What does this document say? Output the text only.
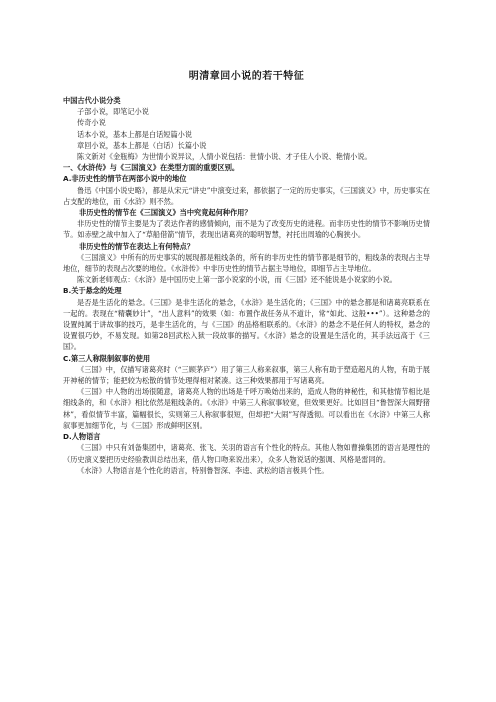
明清章回小说的若干特征

中国古代小说分类

子部小说，即笔记小说

传奇小说

话本小说，基本上都是白话短篇小说

章回小说，基本上都是（白话）长篇小说

陈文新对《金瓶梅》为世情小说异议，人情小说包括：世情小说、才子佳人小说、艳情小说。

一、《水浒传》与《三国演义》在类型方面的重要区别。

A.非历史性的情节在两部小说中的地位

鲁迅《中国小说史略》，都是从宋元“讲史”中演变过来，都依据了一定的历史事实，《三国演义》中，历史事实在占支配的地位，而《水浒》则不然。

非历史性的情节在《三国演义》当中究竟起何种作用？

非历史性的情节主要是为了表达作者的感情倾向，而不是为了改变历史的进程。而非历史性的情节不影响历史情节。如赤壁之战中加入了“草船借箭”情节，表现出诸葛亮的聪明智慧，衬托出周瑜的心胸狭小。

非历史性的情节在表达上有何特点？

《三国演义》中所有的历史事实的展现都是粗线条的，所有的非历史性的情节都是细节的，粗线条的表现占主导地位，细节的表现占次要的地位。《水浒传》中非历史性的情节占据主导地位，即细节占主导地位。

陈文新老师观点：《水浒》是中国历史上第一部小说家的小说，而《三国》还不能说是小说家的小说。

B.关于悬念的处理

是否是生活化的悬念。《三国》是非生活化的悬念，《水浒》是生活化的；《三国》中的悬念都是和诸葛亮联系在一起的。表现在“精囊妙计”，“出人意料”的效果（如：布置作战任务从不道计，常“如此、这般•••”）。这种悬念的设置纯属于讲故事的技巧，是非生活化的，与《三国》的品格相联系的。《水浒》的悬念不是任何人的特权，悬念的设置很巧妙，不易发现。如第28回武松入狱一段故事的描写。《水浒》悬念的设置是生活化的，其手法远高于《三国》。

C.第三人称限制叙事的使用

《三国》中，仅描写诸葛亮时（“三顾茅庐”）用了第三人称来叙事，第三人称有助于塑造超凡的人物，有助于展开神秘的情节；能把较为松散的情节处理得相对紧凑。这三种效果都用于写诸葛亮。

《三国》中人物的出场很随意，诸葛亮人物的出场是千呼万唤始出来的，造成人物的神秘性，和其他情节相比是细线条的，和《水浒》相比依然是粗线条的。《水浒》中第三人称叙事较宽，但效果更好。比如回目“鲁智深大闹野猪林”，看似情节丰富，篇幅很长，实则第三人称叙事很短，但却把“大闹”写得透彻。可以看出在《水浒》中第三人称叙事更加细节化，与《三国》形成鲜明区别。

D.人物语言

《三国》中只有刘备集团中，诸葛亮、张飞、关羽的语言有个性化的特点。其他人物如曹操集团的语言是理性的（历史演义要把历史经验教训总结出来，借人物口吻来说出来），众多人物说话的强调、风格是雷同的。

《水浒》人物语言是个性化的语言，特别鲁智深、李逵、武松的语言极具个性。
